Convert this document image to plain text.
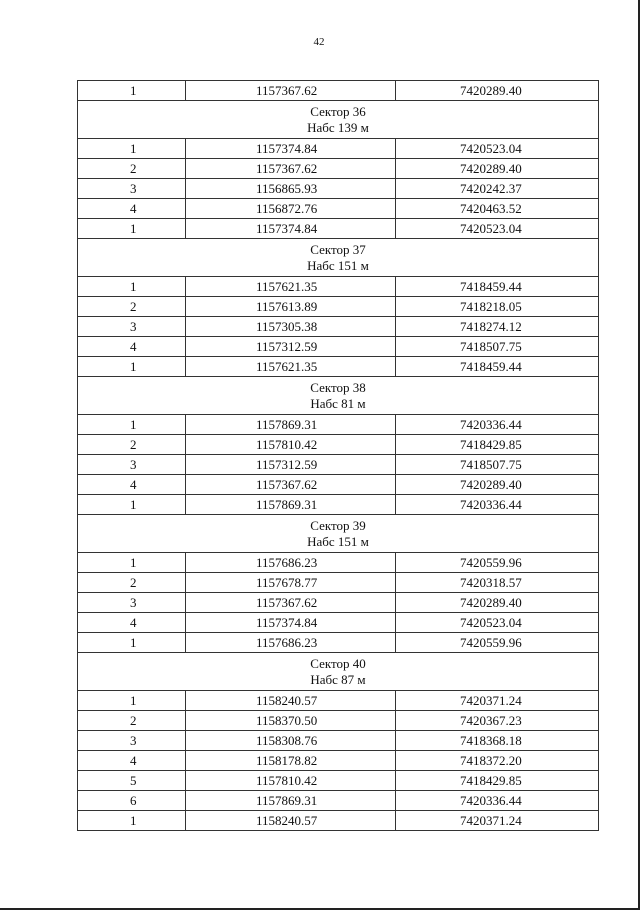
42
1	1157367.62	7420289.40

Сектор 36
Набс 139 м		

1	1157374.84	7420523.04
2	1157367.62	7420289.40
3	1156865.93	7420242.37
4	1156872.76	7420463.52
1	1157374.84	7420523.04

Сектор 37
Набс 151 м		

1	1157621.35	7418459.44
2	1157613.89	7418218.05
3	1157305.38	7418274.12
4	1157312.59	7418507.75
1	1157621.35	7418459.44

Сектор 38
Набс 81 м		

1	1157869.31	7420336.44
2	1157810.42	7418429.85
3	1157312.59	7418507.75
4	1157367.62	7420289.40
1	1157869.31	7420336.44

Сектор 39
Набс 151 м		

1	1157686.23	7420559.96
2	1157678.77	7420318.57
3	1157367.62	7420289.40
4	1157374.84	7420523.04
1	1157686.23	7420559.96

Сектор 40
Набс 87 м		

1	1158240.57	7420371.24
2	1158370.50	7420367.23
3	1158308.76	7418368.18
4	1158178.82	7418372.20
5	1157810.42	7418429.85
6	1157869.31	7420336.44
1	1158240.57	7420371.24
